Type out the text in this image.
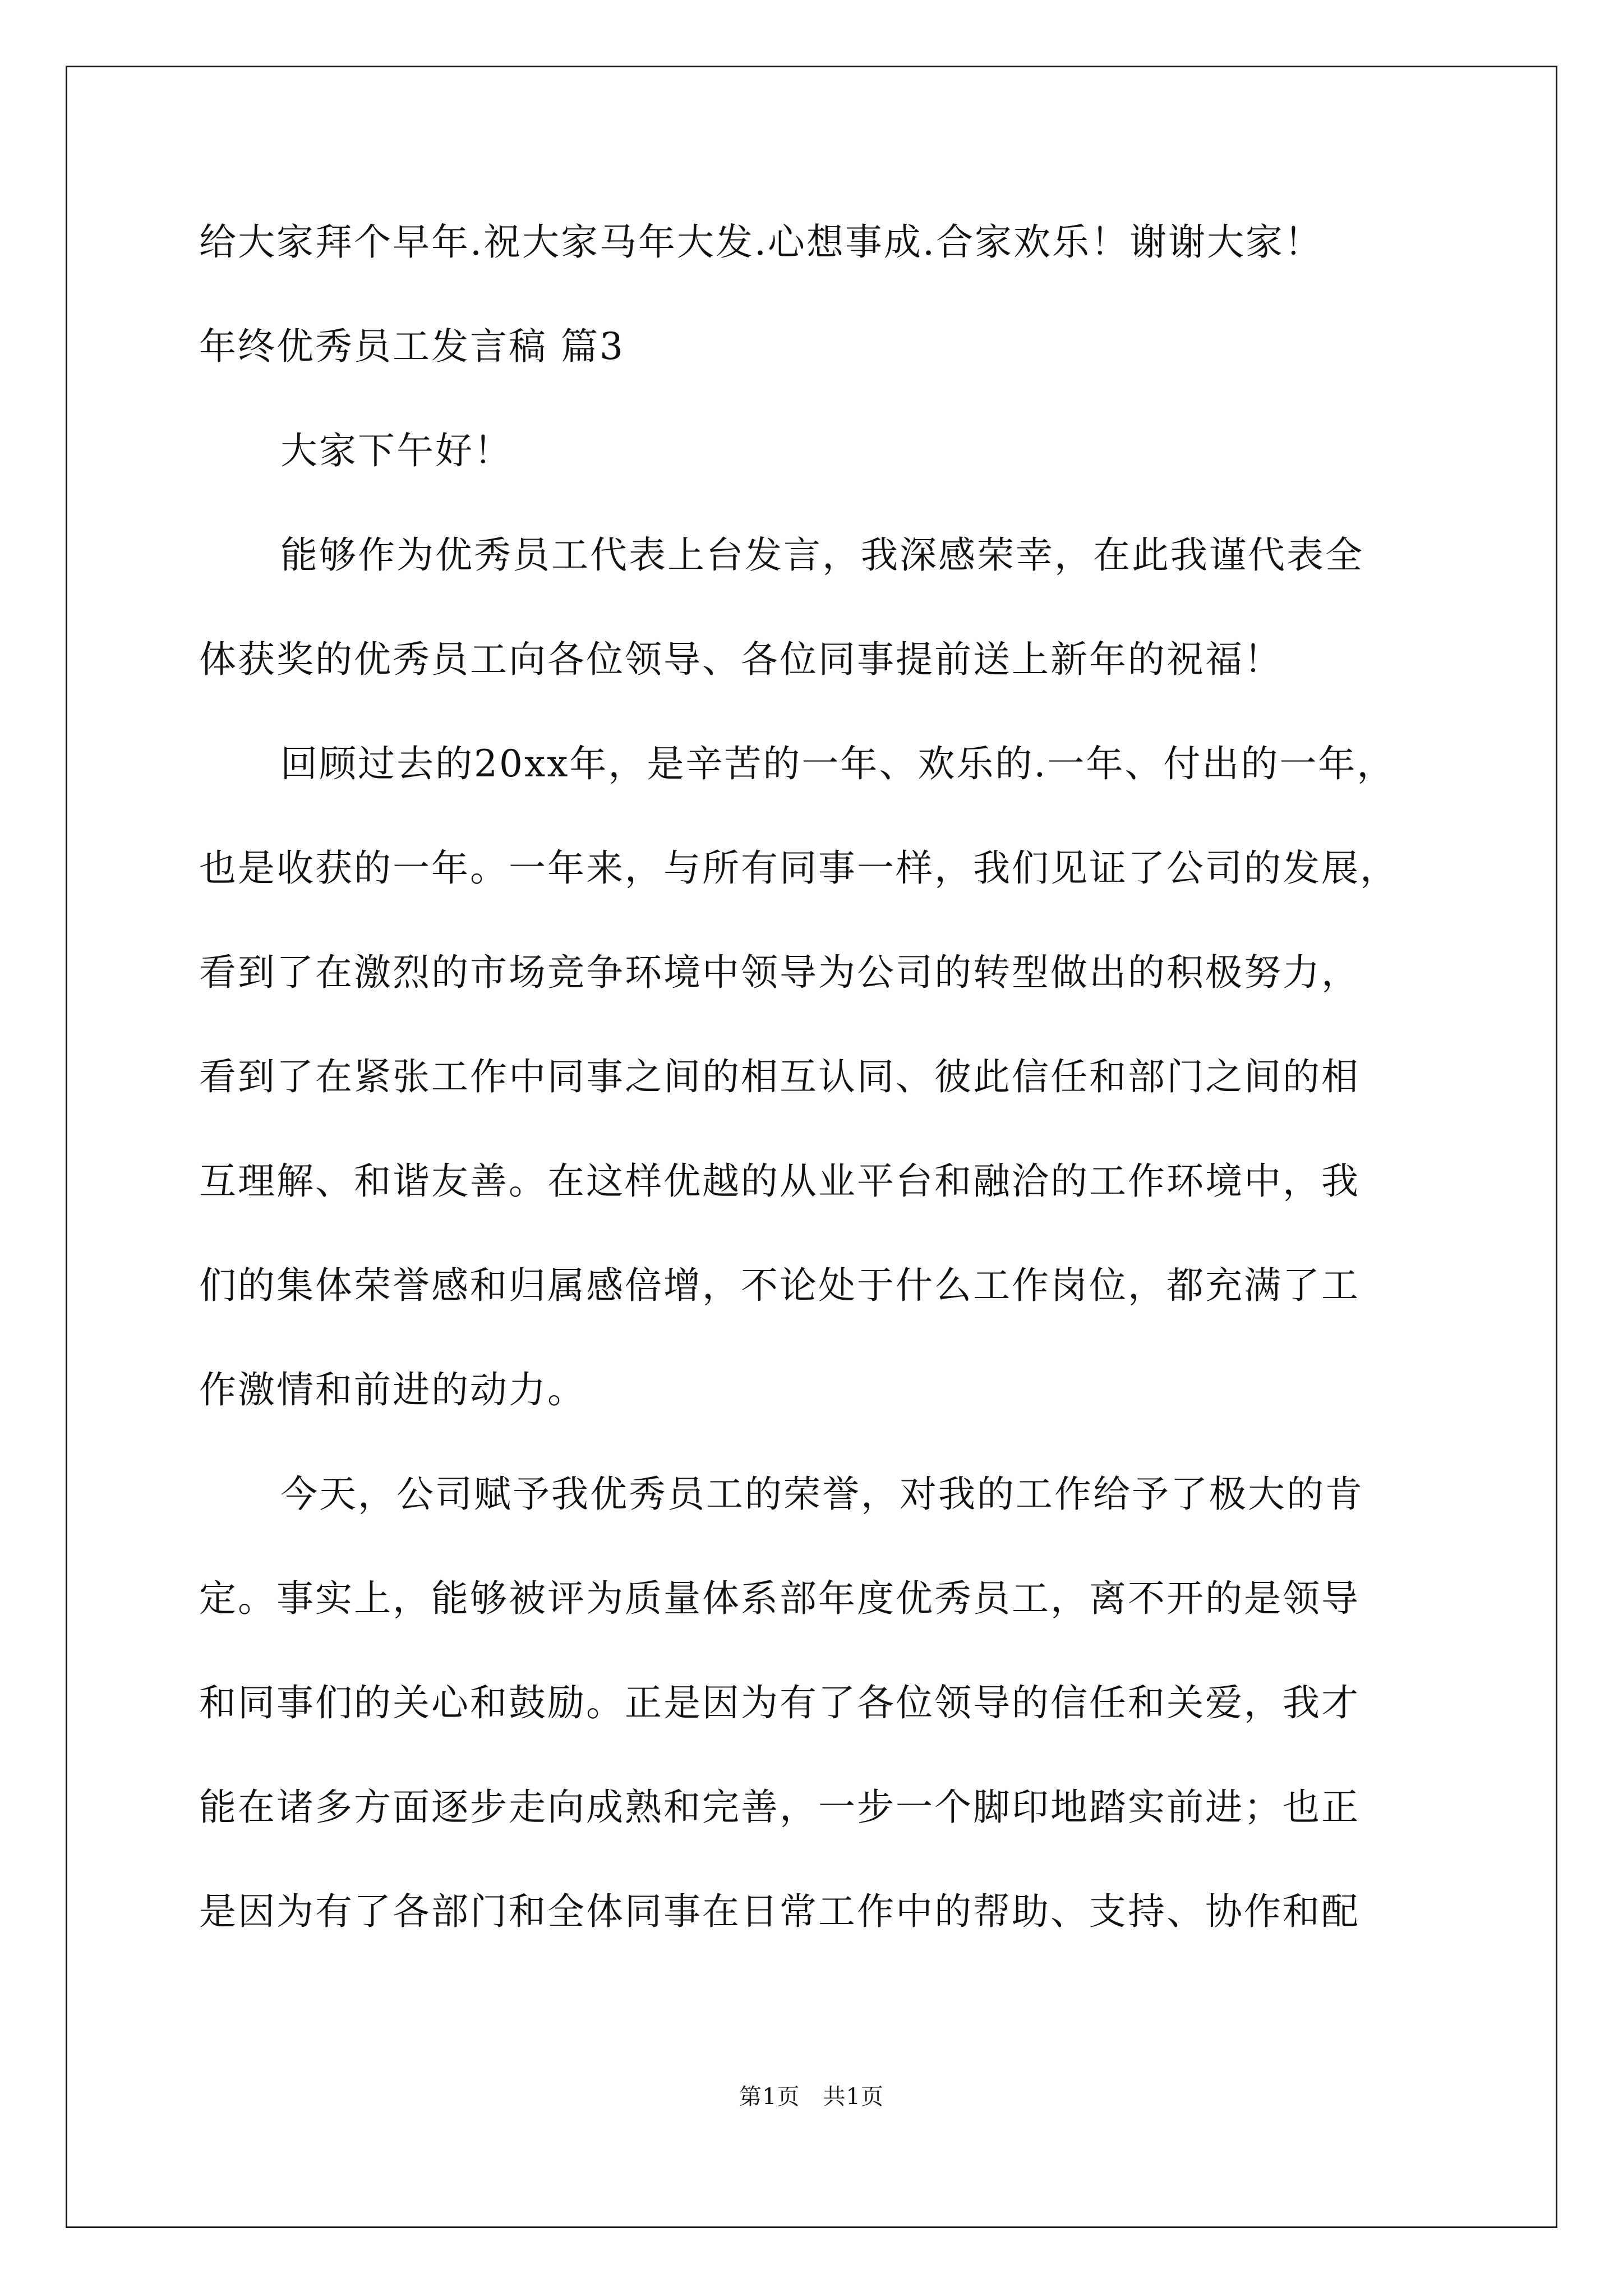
给大家拜个早年.祝大家马年大发.心想事成.合家欢乐！谢谢大家！
年终优秀员工发言稿 篇3
大家下午好！
能够作为优秀员工代表上台发言，我深感荣幸，在此我谨代表全
体获奖的优秀员工向各位领导、各位同事提前送上新年的祝福！
回顾过去的20xx年，是辛苦的一年、欢乐的.一年、付出的一年，
也是收获的一年。一年来，与所有同事一样，我们见证了公司的发展，
看到了在激烈的市场竞争环境中领导为公司的转型做出的积极努力，
看到了在紧张工作中同事之间的相互认同、彼此信任和部门之间的相
互理解、和谐友善。在这样优越的从业平台和融洽的工作环境中，我
们的集体荣誉感和归属感倍增，不论处于什么工作岗位，都充满了工
作激情和前进的动力。
今天，公司赋予我优秀员工的荣誉，对我的工作给予了极大的肯
定。事实上，能够被评为质量体系部年度优秀员工，离不开的是领导
和同事们的关心和鼓励。正是因为有了各位领导的信任和关爱，我才
能在诸多方面逐步走向成熟和完善，一步一个脚印地踏实前进；也正
是因为有了各部门和全体同事在日常工作中的帮助、支持、协作和配
第1页　共1页
